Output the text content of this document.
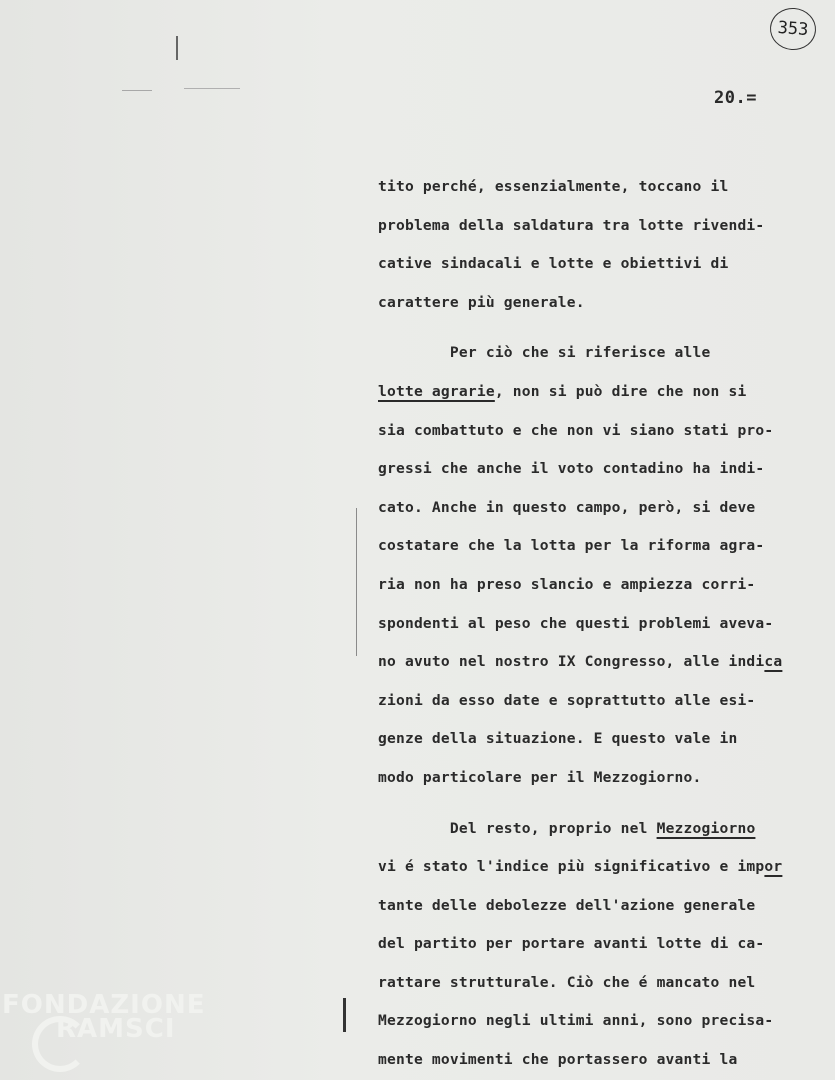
353
20.=
tito perché, essenzialmente, toccano il
problema della saldatura tra lotte rivendi-
cative sindacali e lotte e obiettivi di
carattere più generale.
Per ciò che si riferisce alle
lotte agrarie, non si può dire che non si
sia combattuto e che non vi siano stati pro-
gressi che anche il voto contadino ha indi-
cato. Anche in questo campo, però, si deve
costatare che la lotta per la riforma agra-
ria non ha preso slancio e ampiezza corri-
spondenti al peso che questi problemi aveva-
no avuto nel nostro IX Congresso, alle indica
zioni da esso date e soprattutto alle esi-
genze della situazione. E questo vale in
modo particolare per il Mezzogiorno.
Del resto, proprio nel Mezzogiorno
vi é stato l'indice più significativo e impor
tante delle debolezze dell'azione generale
del partito per portare avanti lotte di ca-
rattare strutturale. Ciò che é mancato nel
Mezzogiorno negli ultimi anni, sono precisa-
mente movimenti che portassero avanti la
FONDAZIONE
RAMSCI
